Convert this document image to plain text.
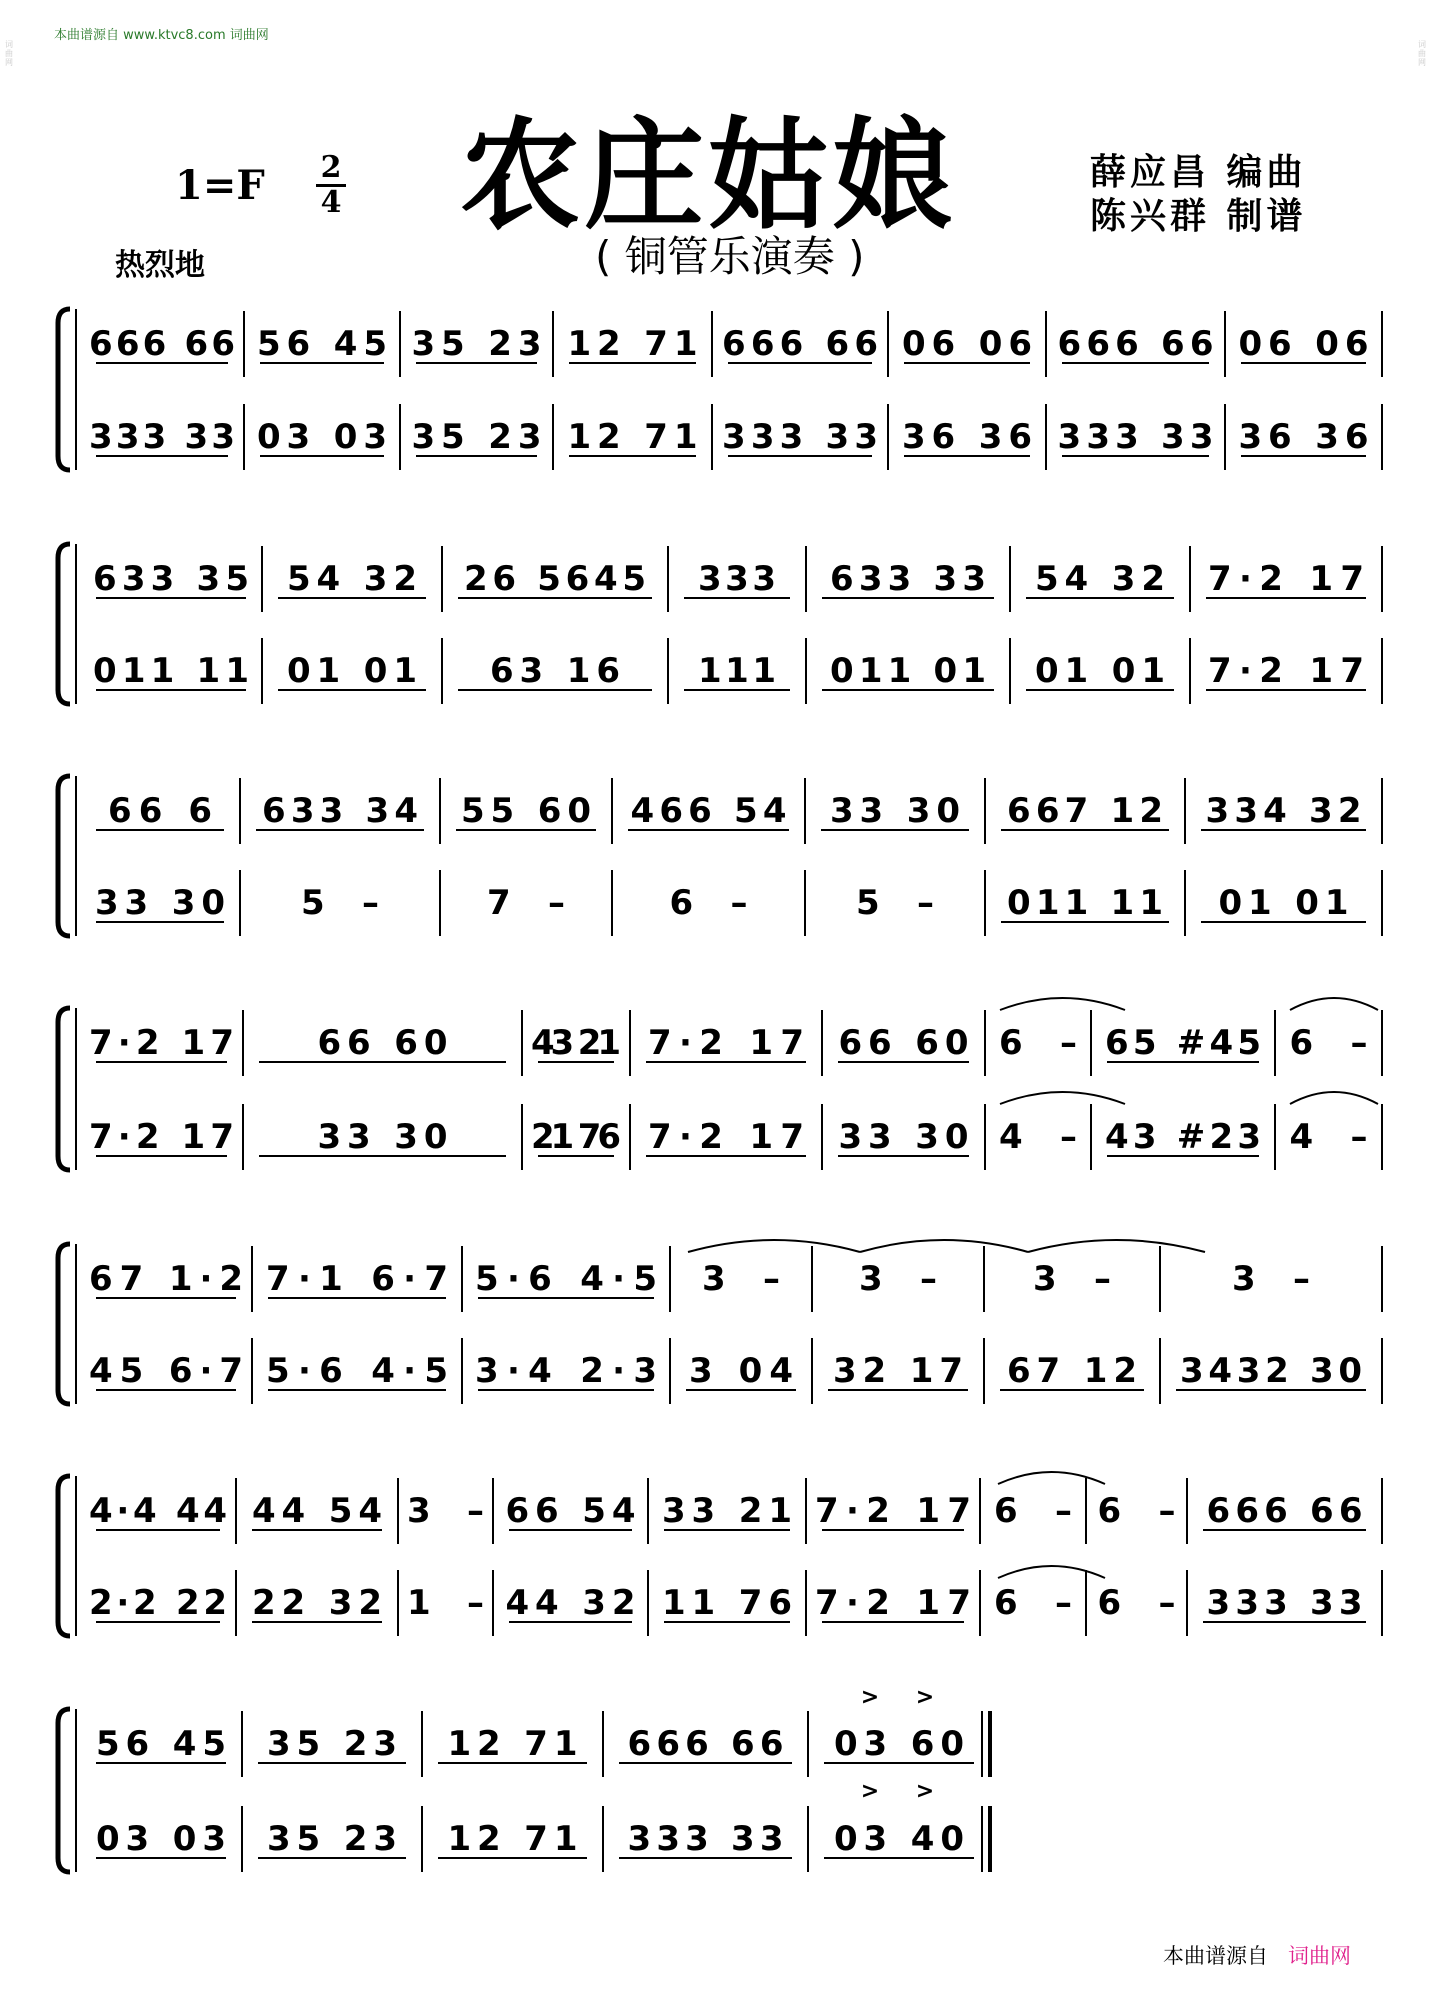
本曲谱源自 www.ktvc8.com 词曲网
$1=F \frac{2}{4}$ 农庄姑娘
( 铜管乐演奏 )
薛应昌 编曲
陈兴群 制谱
热烈地
666 66
333 33
56 45
03 03
35 23
35 23
12 71
12 71
666 66
333 33
06 06
36 36
666 66
333 33
06 06
36 36
633 35
011 11
54 32
01 01
26 5645
63 16
333
111
633 33
011 01
54 32
01 01
7·2 17
7·2 17
66 6
33 30
633 34
5 –
55 60
7 –
466 54
6 –
33 30
5 –
667 12
011 11
334 32
01 01
7·2 17
7·2 17
66 60
33 30
43 21
21 76
7·2 17
7·2 17
66 60
33 30
6 –
4 –
65 #45
43 #23
6 –
4 –
67 1·2
45 6·7
7·1 6·7
5·6 4·5
5·6 4·5
3·4 2·3
3 –
3 04
3 –
32 17
3 –
67 12
3 –
3432 30
4·4 44
2·2 22
44 54
22 32
3 –
1 –
66 54
44 32
33 21
11 76
7·2 17
7·2 17
6 –
6 –
6 –
6 –
666 66
333 33
56 45
03 03
35 23
35 23
12 71
12 71
666 66
333 33
03 60
03 40
>
>
>
>
本曲谱源自 词曲网
词曲网
词曲网
